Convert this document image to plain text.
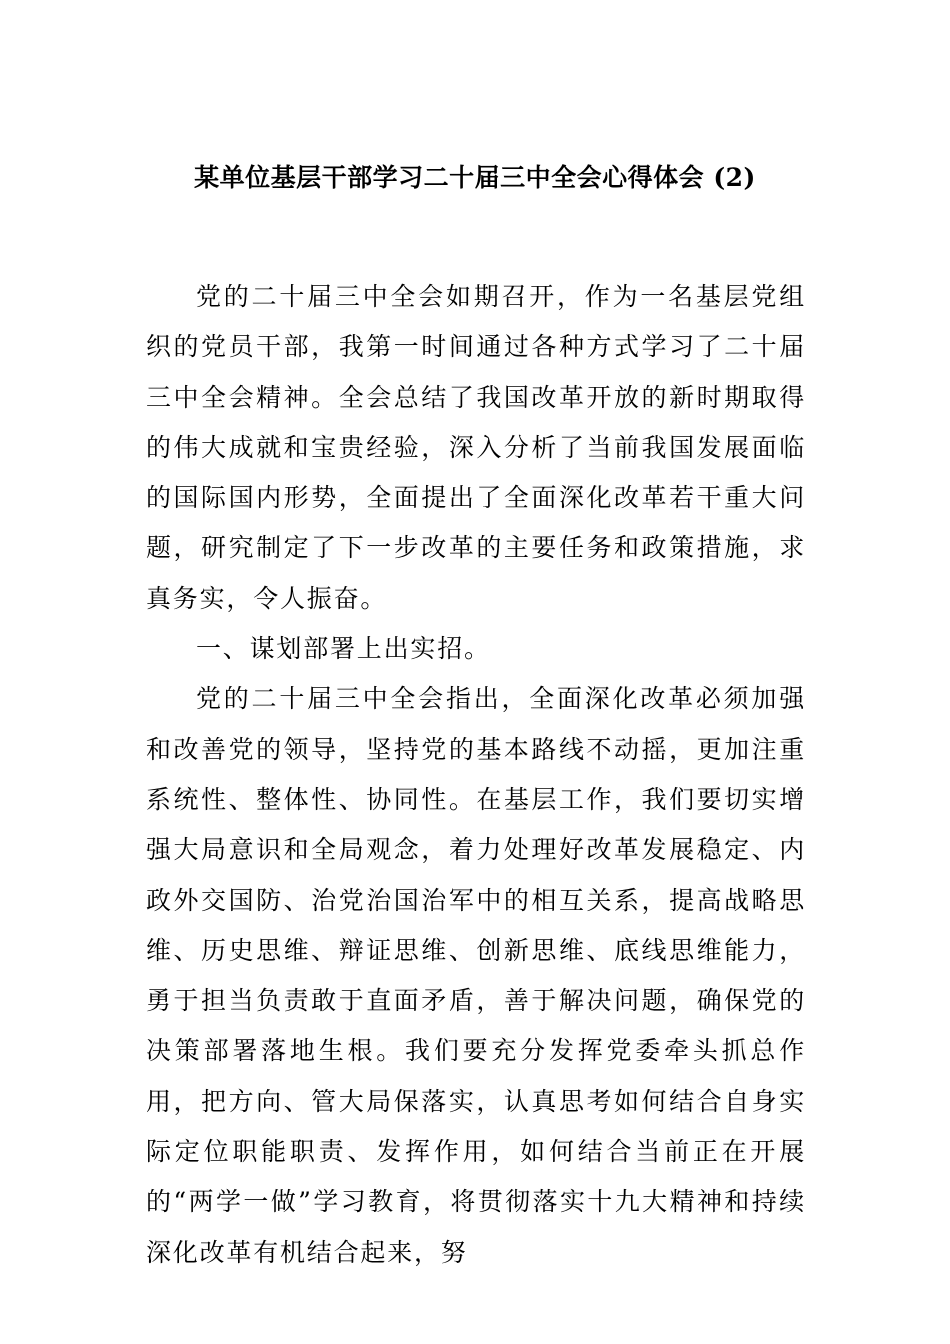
某单位基层干部学习二十届三中全会心得体会 (2)

党的二十届三中全会如期召开，作为一名基层党组织的党员干部，我第一时间通过各种方式学习了二十届三中全会精神。全会总结了我国改革开放的新时期取得的伟大成就和宝贵经验，深入分析了当前我国发展面临的国际国内形势，全面提出了全面深化改革若干重大问题，研究制定了下一步改革的主要任务和政策措施，求真务实，令人振奋。

一、谋划部署上出实招。

党的二十届三中全会指出，全面深化改革必须加强和改善党的领导，坚持党的基本路线不动摇，更加注重系统性、整体性、协同性。在基层工作，我们要切实增强大局意识和全局观念，着力处理好改革发展稳定、内政外交国防、治党治国治军中的相互关系，提高战略思维、历史思维、辩证思维、创新思维、底线思维能力，勇于担当负责敢于直面矛盾，善于解决问题，确保党的决策部署落地生根。我们要充分发挥党委牵头抓总作用，把方向、管大局保落实，认真思考如何结合自身实际定位职能职责、发挥作用，如何结合当前正在开展的“两学一做”学习教育，将贯彻落实十九大精神和持续深化改革有机结合起来，努
